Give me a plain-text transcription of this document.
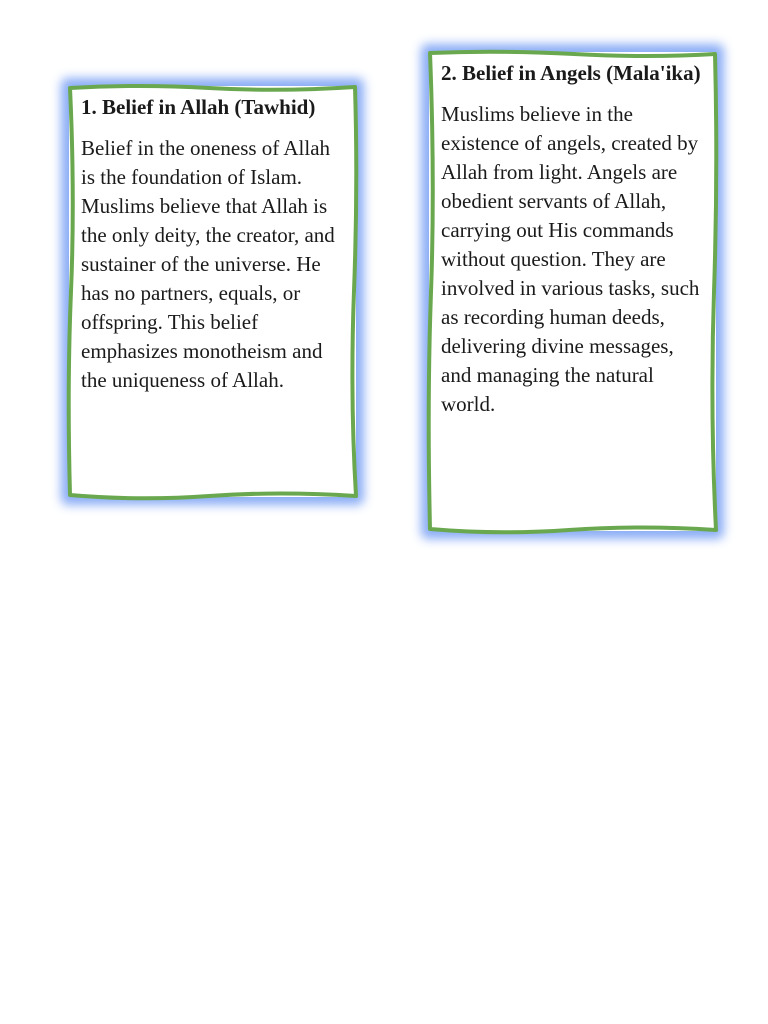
1. Belief in Allah (Tawhid)

Belief in the oneness of Allah is the foundation of Islam. Muslims believe that Allah is the only deity, the creator, and sustainer of the universe. He has no partners, equals, or offspring. This belief emphasizes monotheism and the uniqueness of Allah.

2. Belief in Angels (Mala'ika)

Muslims believe in the existence of angels, created by Allah from light. Angels are obedient servants of Allah, carrying out His commands without question. They are involved in various tasks, such as recording human deeds, delivering divine messages, and managing the natural world.
